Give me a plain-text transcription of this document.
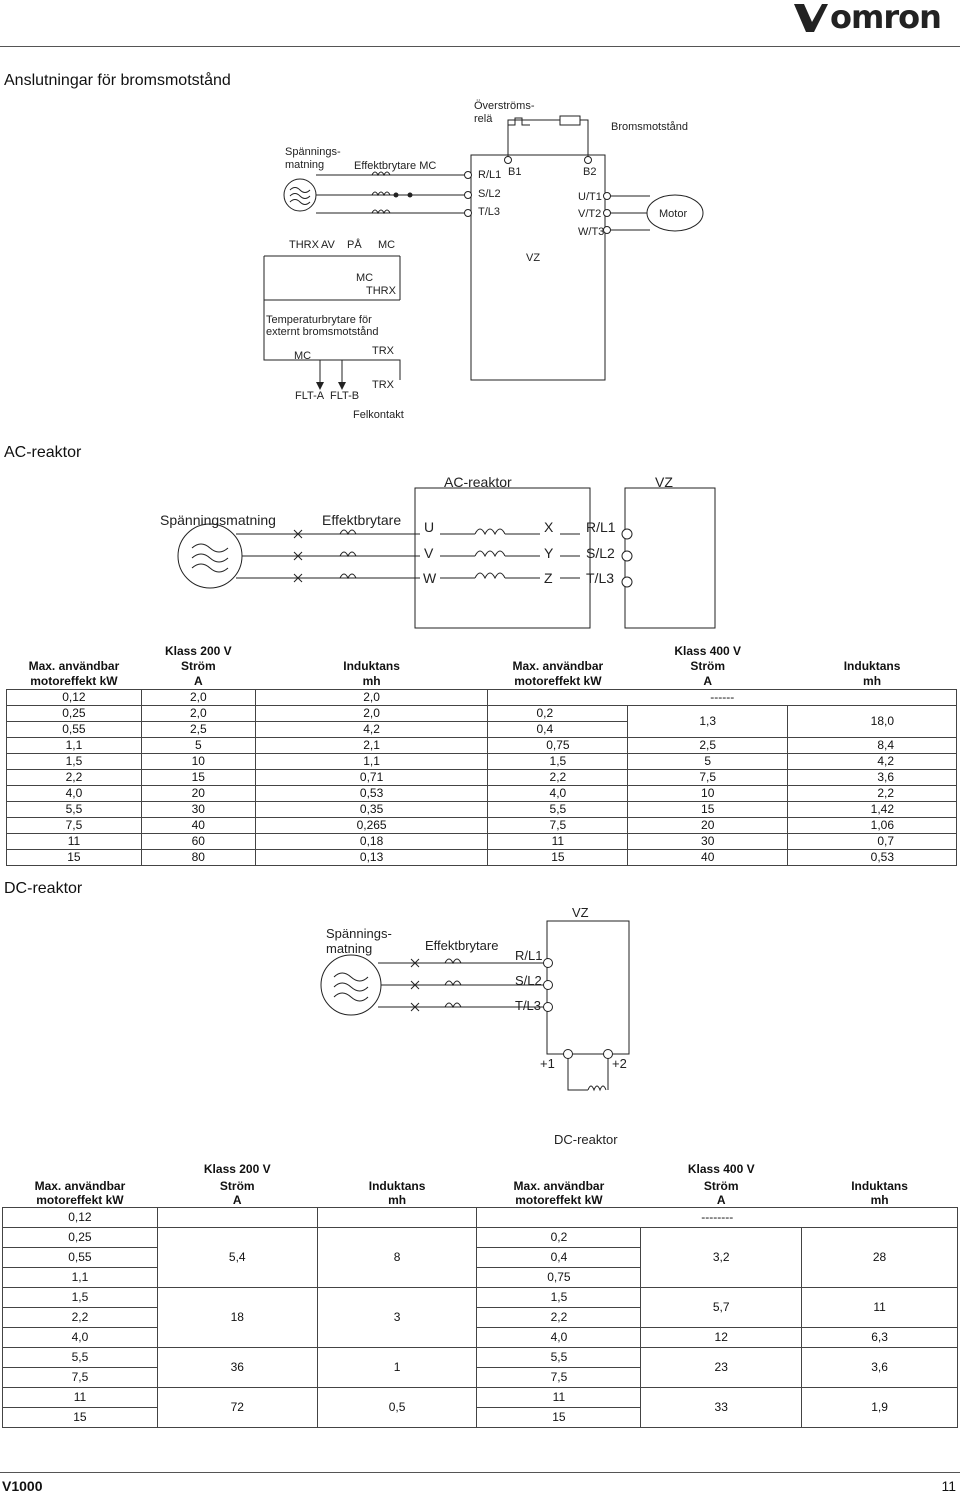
omron
Anslutningar för bromsmotstånd
Överströms-
relä
Bromsmotstånd
Spännings-
matning	Effektbrytare MC
R/L1
S/L2
T/L3
B1	B2
U/T1
V/T2
W/T3
Motor
VZ
THRX AV PÅ MC
MC
THRX
Temperaturbrytare för
externt bromsmotstånd
MC	TRX
TRX
FLT-A FLT-B
Felkontakt
AC-reaktor
AC-reaktor	VZ
Spänningsmatning	Effektbrytare U
V
W
X
Y
Z
R/L1
S/L2
T/L3
	Klass 200 V			Klass 400 V	
Max. användbar
motoreffekt kW	Ström
A	Induktans
mh	Max. användbar
motoreffekt kW	Ström
A	Induktans
mh
0,12	2,0	2,0	------		
0,25	2,0	2,0	0,2	1,3	18,0
0,55	2,5	4,2	0,4		
1,1	5	2,1	0,75	2,5	8,4
1,5	10	1,1	1,5	5	4,2
2,2	15	0,71	2,2	7,5	3,6
4,0	20	0,53	4,0	10	2,2
5,5	30	0,35	5,5	15	1,42
7,5	40	0,265	7,5	20	1,06
11	60	0,18	11	30	0,7
15	80	0,13	15	40	0,53
DC-reaktor
VZ
Spännings-
matning	Effektbrytare
R/L1
S/L2
T/L3
+1	+2
DC-reaktor
	Klass 200 V			Klass 400 V	
Max. användbar
motoreffekt kW	Ström
A	Induktans
mh	Max. användbar
motoreffekt kW	Ström
A	Induktans
mh
0,12			--------		
0,25	5,4	8	0,2	3,2	28
0,55			0,4		
1,1			0,75		
1,5	18	3	1,5	5,7	11
2,2			2,2		
4,0			4,0	12	6,3
5,5	36	1	5,5	23	3,6
7,5			7,5		
11	72	0,5	11	33	1,9
15			15		
V1000	11
